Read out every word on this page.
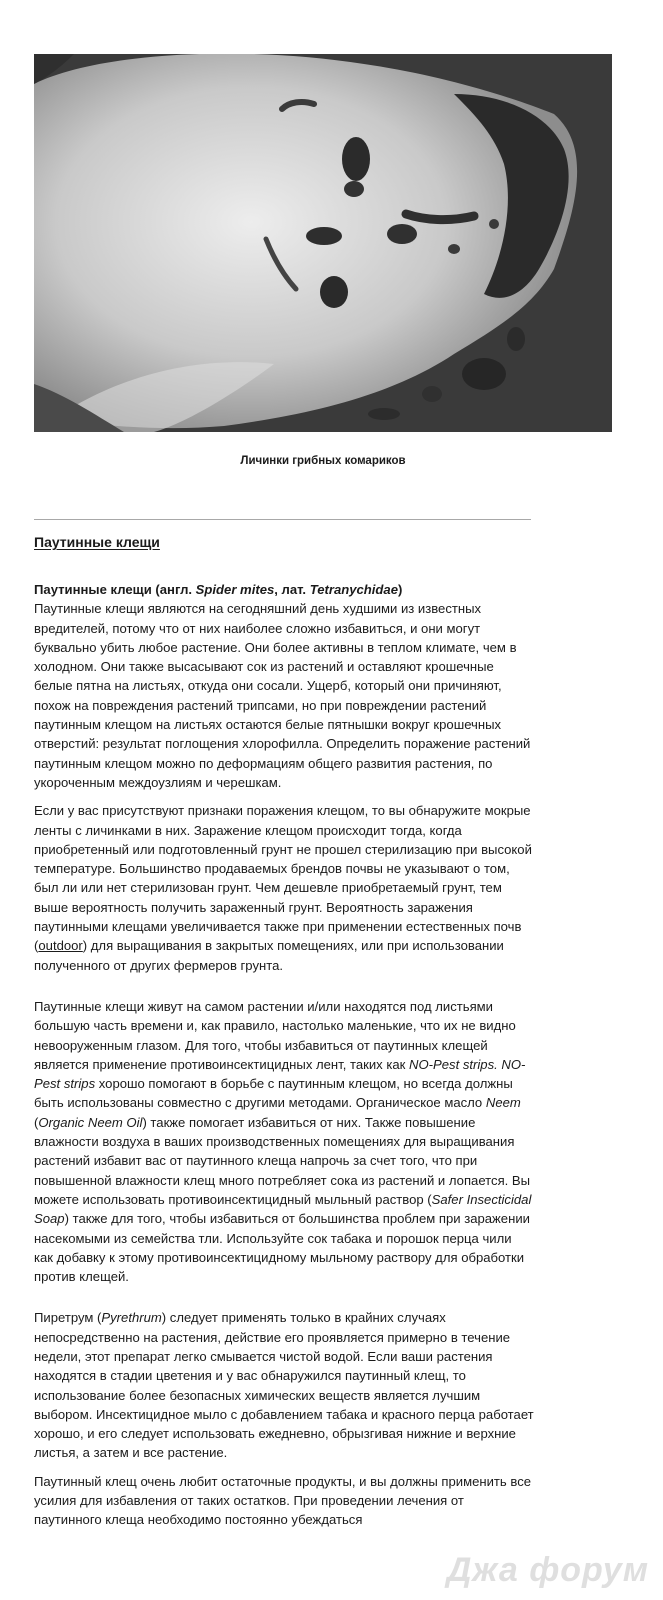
Личинки грибных комариков
Паутинные клещи

Паутинные клещи (англ. Spider mites, лат. Tetranychidae)
Паутинные клещи являются на сегодняшний день худшими из известных вредителей, потому что от них наиболее сложно избавиться, и они могут буквально убить любое растение. Они более активны в теплом климате, чем в холодном. Они также высасывают сок из растений и оставляют крошечные белые пятна на листьях, откуда они сосали. Ущерб, который они причиняют, похож на повреждения растений трипсами, но при повреждении растений паутинным клещом на листьях остаются белые пятнышки вокруг крошечных отверстий: результат поглощения хлорофилла. Определить поражение растений паутинным клещом можно по деформациям общего развития растения, по укороченным междоузлиям и черешкам.

Если у вас присутствуют признаки поражения клещом, то вы обнаружите мокрые ленты с личинками в них. Заражение клещом происходит тогда, когда приобретенный или подготовленный грунт не прошел стерилизацию при высокой температуре. Большинство продаваемых брендов почвы не указывают о том, был ли или нет стерилизован грунт. Чем дешевле приобретаемый грунт, тем выше вероятность получить зараженный грунт. Вероятность заражения паутинными клещами увеличивается также при применении естественных почв (outdoor) для выращивания в закрытых помещениях, или при использовании полученного от других фермеров грунта.

Паутинные клещи живут на самом растении и/или находятся под листьями большую часть времени и, как правило, настолько маленькие, что их не видно невооруженным глазом. Для того, чтобы избавиться от паутинных клещей является применение противоинсектицидных лент, таких как NO-Pest strips. NO-Pest strips хорошо помогают в борьбе с паутинным клещом, но всегда должны быть использованы совместно с другими методами. Органическое масло Neem (Organic Neem Oil) также помогает избавиться от них. Также повышение влажности воздуха в ваших производственных помещениях для выращивания растений избавит вас от паутинного клеща напрочь за счет того, что при повышенной влажности клещ много потребляет сока из растений и лопается. Вы можете использовать противоинсектицидный мыльный раствор (Safer Insecticidal Soap) также для того, чтобы избавиться от большинства проблем при заражении насекомыми из семейства тли. Используйте сок табака и порошок перца чили как добавку к этому противоинсектицидному мыльному раствору для обработки против клещей.

Пиретрум (Pyrethrum) следует применять только в крайних случаях непосредственно на растения, действие его проявляется примерно в течение недели, этот препарат легко смывается чистой водой. Если ваши растения находятся в стадии цветения и у вас обнаружился паутинный клещ, то использование более безопасных химических веществ является лучшим выбором. Инсектицидное мыло с добавлением табака и красного перца работает хорошо, и его следует использовать ежедневно, обрызгивая нижние и верхние листья, а затем и все растение.

Паутинный клещ очень любит остаточные продукты, и вы должны применить все усилия для избавления от таких остатков. При проведении лечения от паутинного клеща необходимо постоянно убеждаться

Джа форум
